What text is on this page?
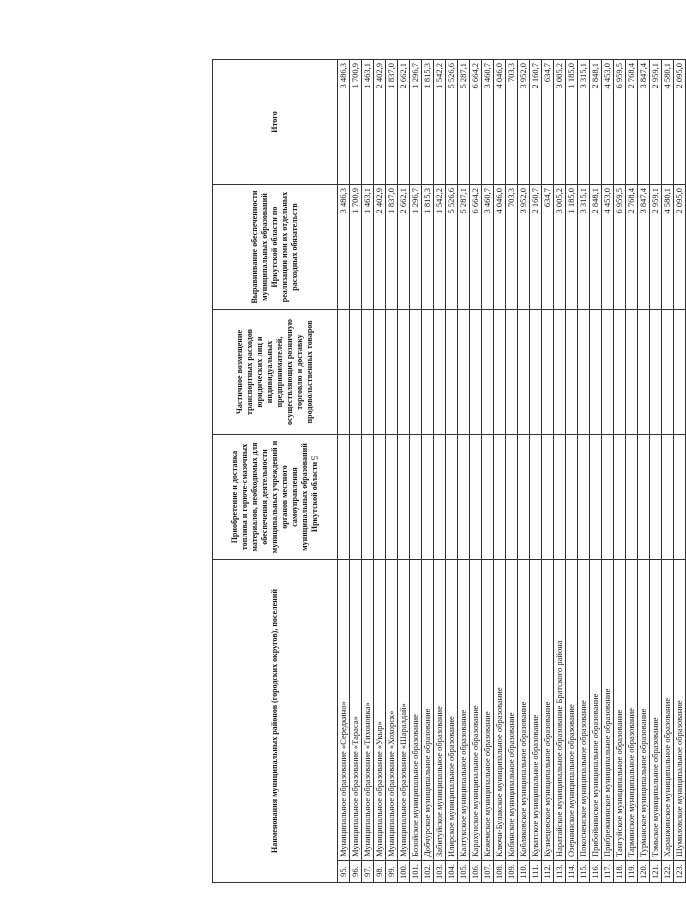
5
Наименования муниципальных районов (городских округов), поселений		Приобретение и доставка топлива и горюче-смазочных материалов, необходимых для обеспечения деятельности муниципальных учреждений и органов местного самоуправления муниципальных образований Иркутской области	Частичное возмещение транспортных расходов юридических лиц и индивидуальных предпринимателей, осуществляющих розничную торговлю и доставку продовольственных товаров	Выравнивание обеспеченности муниципальных образований Иркутской области по реализации ими их отдельных расходных обязательств	Итого
95.	Муниципальное образование «Середкино»			3 486,3	3 486,3
96.	Муниципальное образование «Тараса»			1 700,9	1 700,9
97.	Муниципальное образование «Тихоновка»			1 463,1	1 463,1
98.	Муниципальное образование «Укыр»			2 402,9	2 402,9
99.	Муниципальное образование «Хохорск»			1 837,0	1 837,0
100.	Муниципальное образование «Шаралдай»			2 662,1	2 662,1
101.	Бозойское муниципальное образование			1 296,7	1 296,7
102.	Добчурское муниципальное образование			1 815,3	1 815,3
103.	Забитуйское муниципальное образование			1 542,2	1 542,2
104.	Илирское муниципальное образование			5 526,6	5 526,6
105.	Калтукское муниципальное образование			5 287,1	5 287,1
106.	Карахунское муниципальное образование			6 664,2	6 664,2
107.	Кежемское муниципальное образование			3 460,7	3 460,7
108.	Ключи-Булакское муниципальное образование			4 046,0	4 046,0
109.	Кобинское муниципальное образование			703,3	703,3
110.	Кобляковское муниципальное образование			3 952,0	3 952,0
111.	Куватское муниципальное образование			2 160,7	2 160,7
112.	Кузнецовское муниципальное образование			634,7	634,7
113.	Наратайское муниципальное образование Братского района			3 005,2	3 005,2
114.	Озернинское муниципальное образование			1 185,0	1 185,0
115.	Покосненское муниципальное образование			3 315,1	3 315,1
116.	Прибойнинское муниципальное образование			2 848,1	2 848,1
117.	Прибрежнинское муниципальное образование			4 453,0	4 453,0
118.	Тангуйское муниципальное образование			6 959,5	6 959,5
119.	Тарминское муниципальное образование			2 768,4	2 768,4
120.	Турманское муниципальное образование			3 847,4	3 847,4
121.	Тэмьское муниципальное образование			2 959,1	2 959,1
122.	Харанжинское муниципальное образование			4 580,1	4 580,1
123.	Шумиловское муниципальное образование			2 095,0	2 095,0
